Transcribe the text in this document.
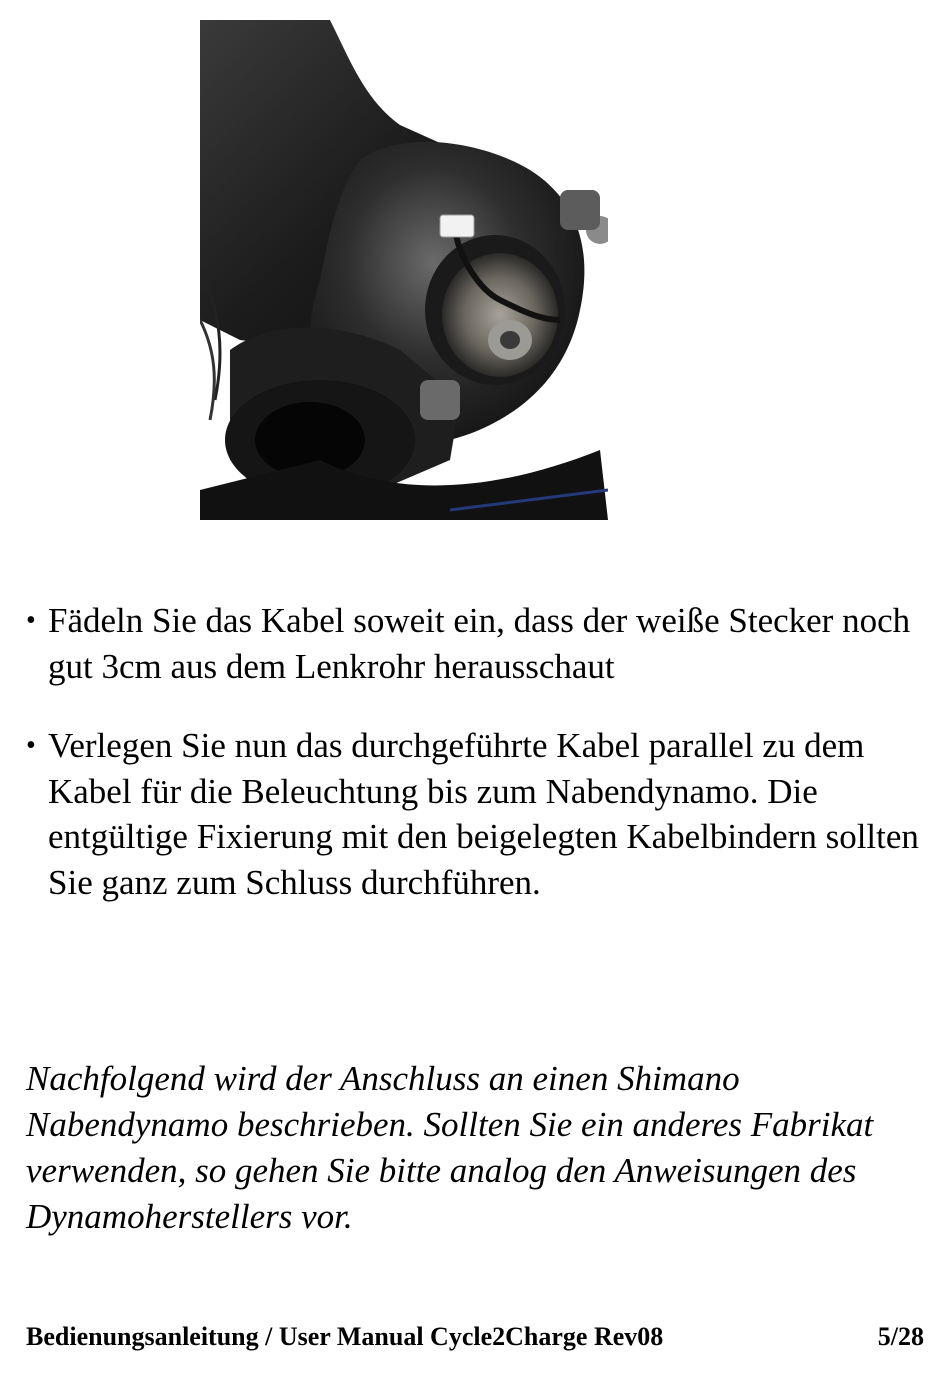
• Fädeln Sie das Kabel soweit ein, dass der weiße Stecker noch gut 3cm aus dem Lenkrohr herausschaut
• Verlegen Sie nun das durchgeführte Kabel parallel zu dem Kabel für die Beleuchtung bis zum Nabendynamo. Die entgültige Fixierung mit den beigelegten Kabelbindern sollten Sie ganz zum Schluss durchführen.

Nachfolgend wird der Anschluss an einen Shimano Nabendynamo beschrieben. Sollten Sie ein anderes Fabrikat verwenden, so gehen Sie bitte analog den Anweisungen des Dynamoherstellers vor.

Bedienungsanleitung / User Manual Cycle2Charge Rev08	5/28
